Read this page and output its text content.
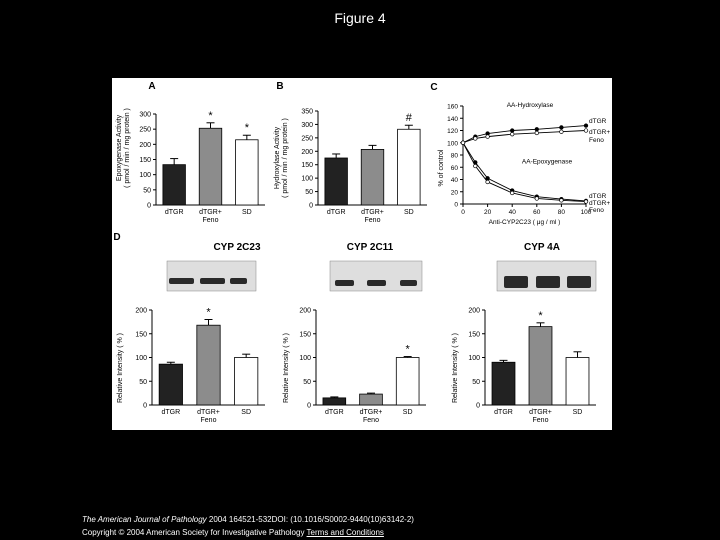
Figure 4
A
Epoxygenase Activity ( pmol / min / mg protein )
0
50
100
150
200
250
300
dTGR
*
dTGR+
Feno
*
SD
B
Hydroxylase Activity ( pmol / min / mg protein )
0
50
100
150
200
250
300
350
dTGR dTGR+
Feno
#
SD
C
% of control
0
20
40
60
80
100
120
140
160
0	20	40	60	80 100
Anti-CYP2C23 ( μg / ml )
AA-Hydroxylase
AA-Epoxygenase
dTGR
dTGR+
Feno
dTGR
dTGR+
Feno
D
CYP 2C23
Relative Intensity ( % )
0
50
100
150
200
dTGR
*
dTGR+
Feno
SD
CYP 2C11
Relative Intensity ( % )
0
50
100
150
200
dTGR dTGR+
Feno
*
SD
CYP 4A
Relative Intensity ( % )
0
50
100
150
200
dTGR
*
dTGR+
Feno
SD
The American Journal of Pathology 2004 164521-532DOI: (10.1016/S0002-9440(10)63142-2)
Copyright © 2004 American Society for Investigative Pathology Terms and Conditions
